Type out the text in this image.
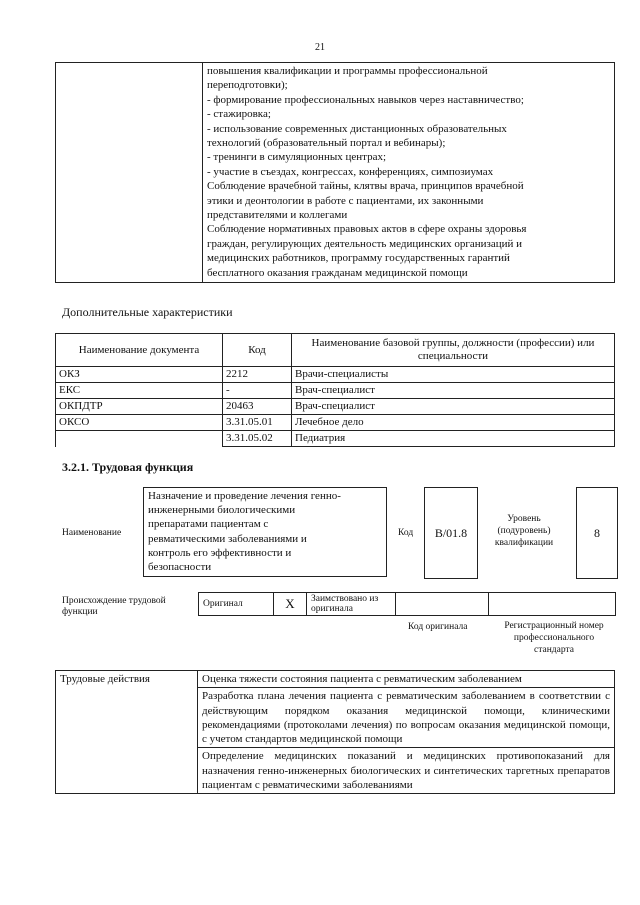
21

повышения квалификации и программы профессиональной
переподготовки);
- формирование профессиональных навыков через наставничество;
- стажировка;
- использование современных дистанционных образовательных
технологий (образовательный портал и вебинары);
- тренинги в симуляционных центрах;
- участие в съездах, конгрессах, конференциях, симпозиумах
Соблюдение врачебной тайны, клятвы врача, принципов врачебной
этики и деонтологии в работе с пациентами, их законными
представителями и коллегами
Соблюдение нормативных правовых актов в сфере охраны здоровья
граждан, регулирующих деятельность медицинских организаций и
медицинских работников, программу государственных гарантий
бесплатного оказания гражданам медицинской помощи
Дополнительные характеристики
Наименование документа	Код	Наименование базовой группы, должности (профессии) или специальности
ОКЗ	2212	Врачи-специалисты
ЕКС	-	Врач-специалист
ОКПДТР	20463	Врач-специалист
ОКСО	3.31.05.01	Лечебное дело
	3.31.05.02	Педиатрия
3.2.1. Трудовая функция
Наименование
Назначение и проведение лечения генно-
инженерными биологическими
препаратами пациентам с
ревматическими заболеваниями и
контроль его эффективности и
безопасности
Код	B/01.8
Уровень
(подуровень)
квалификации
8
Происхождение трудовой
функции
Оригинал	X	Заимствовано из
оригинала

Код оригинала	Регистрационный номер
профессионального
стандарта
Трудовые действия	Оценка тяжести состояния пациента с ревматическим заболеванием
Разработка плана лечения пациента с ревматическим заболеванием в соответствии с действующим порядком оказания медицинской помощи, клиническими рекомендациями (протоколами лечения) по вопросам оказания медицинской помощи, с учетом стандартов медицинской помощи
Определение медицинских показаний и медицинских противопоказаний для назначения генно-инженерных биологических и синтетических таргетных препаратов пациентам с ревматическими заболеваниями
